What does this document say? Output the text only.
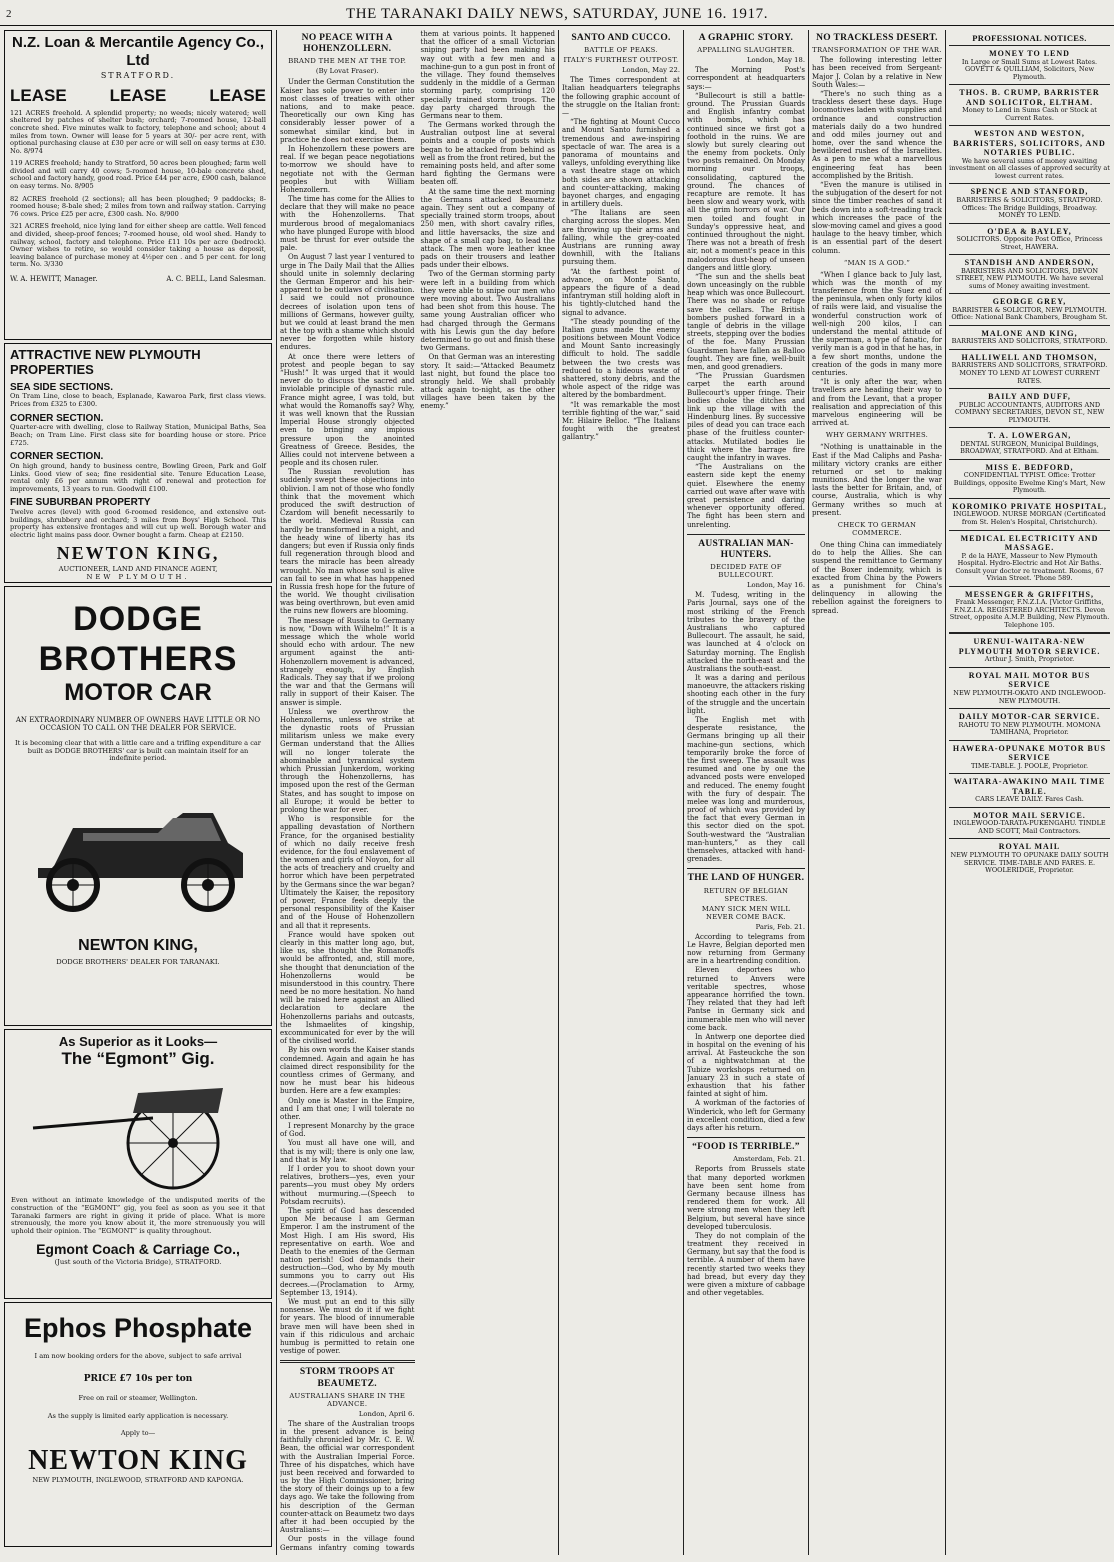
2	THE TARANAKI DAILY NEWS, SATURDAY, JUNE 16. 1917.
N.Z. Loan & Mercantile Agency Co., Ltd
STRATFORD.
LEASE	LEASE	LEASE

121 ACRES freehold. A splendid property; no weeds; nicely watered; well sheltered by patches of shelter bush; orchard; 7-roomed house, 12-ball concrete shed. Five minutes walk to factory, telephone and school; about 4 miles from town. Owner will lease for 5 years at 30/- per acre rent, with optional purchasing clause at £30 per acre or will sell on easy terms at £30. No. 8/974

119 ACRES freehold; handy to Stratford, 50 acres been ploughed; farm well divided and will carry 40 cows; 5-roomed house, 10-bale concrete shed, school and factory handy, good road. Price £44 per acre, £900 cash, balance on easy terms. No. 8/905

82 ACRES freehold (2 sections); all has been ploughed; 9 paddocks; 8-roomed house; 8-bale shed; 2 miles from town and railway station. Carrying 76 cows. Price £25 per acre, £300 cash. No. 8/900

321 ACRES freehold, nice lying land for either sheep are cattle. Well fenced and divided, sheep-proof fences; 7-roomed house, old wool shed. Handy to railway, school, factory and telephone. Price £11 10s per acre (bedrock). Owner wishes to retire, so would consider taking a house as deposit, leaving balance of purchase money at 4½per cen . and 5 per cent. for long term. No. 3/330

W. A. HEWITT, Manager.	A. C. BELL, Land Salesman.
ATTRACTIVE NEW PLYMOUTH PROPERTIES
SEA SIDE SECTIONS.

On Tram Line, close to beach, Esplanade, Kawaroa Park, first class views. Prices from £325 to £300.

CORNER SECTION.

Quarter-acre with dwelling, close to Railway Station, Municipal Baths, Sea Beach; on Tram Line. First class site for boarding house or store. Price £725.

CORNER SECTION.

On high ground, handy to business centre, Bowling Green, Park and Golf Links. Good view of sea; fine residential site. Tenure Education Lease, rental only £6 per annum with right of renewal and protection for improvements, 13 years to run. Goodwill £100.

FINE SUBURBAN PROPERTY

Twelve acres (level) with good 6-roomed residence, and extensive out-buildings, shrubbery and orchard; 3 miles from Boys' High School. This property has extensive frontages and will cut up well. Borough water and electric light mains pass door. Owner bought a farm. Cheap at £2150.

NEWTON KING,
AUCTIONEER, LAND AND FINANCE AGENT,
NEW PLYMOUTH.
DODGE BROTHERS
MOTOR CAR
AN EXTRAORDINARY NUMBER OF OWNERS HAVE LITTLE OR NO OCCASION TO CALL ON THE DEALER FOR SERVICE.

It is becoming clear that with a little care and a trifling expenditure a car built as DODGE BROTHERS' car is built can maintain itself for an indefinite period.

NEWTON KING,
DODGE BROTHERS' DEALER FOR TARANAKI.
As Superior as it Looks—
The “Egmont” Gig.

Even without an intimate knowledge of the undisputed merits of the construction of the “EGMONT” gig, you feel as soon as you see it that Taranaki farmers are right in giving it pride of place. What is more strenuously, the more you know about it, the more strenuously you will uphold their opinion. The “EGMONT” is quality throughout.

Egmont Coach & Carriage Co.,
(Just south of the Victoria Bridge), STRATFORD.
Ephos Phosphate
I am now booking orders for the above, subject to safe arrival
PRICE £7 10s per ton
Free on rail or steamer, Wellington.
As the supply is limited early application is necessary.
Apply to—
NEWTON KING
NEW PLYMOUTH, INGLEWOOD, STRATFORD AND KAPONGA.
NO PEACE WITH A HOHENZOLLERN.
BRAND THE MEN AT THE TOP.
(By Lovat Fraser).

Under the German Constitution the Kaiser has sole power to enter into most classes of treaties with other nations, and to make peace. Theoretically our own King has considerably lesser power of a somewhat similar kind, but in practice he does not exercise them.

In Hohenzollern these powers are real. If we began peace negotiations to-morrow we should have to negotiate not with the German peoples but with William Hohenzollern.

The time has come for the Allies to declare that they will make no peace with the Hohenzollerns. That murderous brood of megalomaniacs who have plunged Europe with blood must be thrust for ever outside the pale.

On August 7 last year I ventured to urge in The Daily Mail that the Allies should unite in solemnly declaring the German Emperor and his heir-apparent to be outlaws of civilisation. I said we could not pronounce decrees of isolation upon tens of millions of Germans, however guilty, but we could at least brand the men at the top with a shame which should never be forgotten while history endures.

At once there were letters of protest and people began to say “Hush!” It was urged that it would never do to discuss the sacred and inviolable principle of dynastic rule. France might agree, I was told, but what would the Romanoffs say? Why, it was well known that the Russian Imperial House strongly objected even to bringing any impious pressure upon the anointed Greatness of Greece. Besides, the Allies could not intervene between a people and its chosen ruler.

The Russian revolution has suddenly swept these objections into oblivion. I am not of those who fondly think that the movement which produced the swift destruction of Czardom will benefit necessarily to the world. Medieval Russia can hardly be transformed in a night, and the heady wine of liberty has its dangers; but even if Russia only finds full regeneration through blood and tears the miracle has been already wrought. No man whose soul is alive can fail to see in what has happened in Russia fresh hope for the future of the world. We thought civilisation was being overthrown, but even amid the ruins new flowers are blooming.

The message of Russia to Germany is now, “Down with Wilhelm!” It is a message which the whole world should echo with ardour. The new argument against the anti-Hohenzollern movement is advanced, strangely enough, by English Radicals. They say that if we prolong the war and that the Germans will rally in support of their Kaiser. The answer is simple.

Unless we overthrow the Hohenzollerns, unless we strike at the dynastic roots of Prussian militarism unless we make every German understand that the Allies will no longer tolerate the abominable and tyrannical system which Prussian Junkerdom, working through the Hohenzollerns, has imposed upon the rest of the German States, and has sought to impose on all Europe; it would be better to prolong the war for ever.

Who is responsible for the appalling devastation of Northern France, for the organised bestiality of which no daily receive fresh evidence, for the foul enslavement of the women and girls of Noyon, for all the acts of treachery and cruelty and horror which have been perpetrated by the Germans since the war began? Ultimately the Kaiser, the repository of power, France feels deeply the personal responsibility of the Kaiser and of the House of Hohenzollern and all that it represents.

France would have spoken out clearly in this matter long ago, but, like us, she thought the Romanoffs would be affronted, and, still more, she thought that denunciation of the Hohenzollerns would be misunderstood in this country. There need be no more hesitation. No hand will be raised here against an Allied declaration to declare the Hohenzollerns pariahs and outcasts, the Ishmaelites of kingship, excommunicated for ever by the will of the civilised world.

By his own words the Kaiser stands condemned. Again and again he has claimed direct responsibility for the countless crimes of Germany, and now he must bear his hideous burden. Here are a few examples:

Only one is Master in the Empire, and I am that one; I will tolerate no other.

I represent Monarchy by the grace of God.

You must all have one will, and that is my will; there is only one law, and that is My law.

If I order you to shoot down your relatives, brothers—yes, even your parents—you must obey My orders without murmuring.—(Speech to Potsdam recruits).

The spirit of God has descended upon Me because I am German Emperor. I am the instrument of the Most High. I am His sword, His representative on earth. Woe and Death to the enemies of the German nation perish! God demands their destruction—God, who by My mouth summons you to carry out His decrees.—(Proclamation to Army, September 13, 1914).

We must put an end to this silly nonsense. We must do it if we fight for years. The blood of innumerable brave men will have been shed in vain if this ridiculous and archaic humbug is permitted to retain one vestige of power.

STORM TROOPS AT BEAUMETZ.
AUSTRALIANS SHARE IN THE ADVANCE.
London, April 6.

The share of the Australian troops in the present advance is being faithfully chronicled by Mr. C. E. W. Bean, the official war correspondent with the Australian Imperial Force. Three of his dispatches, which have just been received and forwarded to us by the High Commissioner, bring the story of their doings up to a few days ago. We take the following from his description of the German counter-attack on Beaumetz two days after it had been occupied by the Australians:—

Our posts in the village found Germans infantry coming towards them at various points. It happened that the officer of a small Victorian sniping party had been making his way out with a few men and a machine-gun to a gun post in front of the village. They found themselves suddenly in the middle of a German storming party, comprising 120 specially trained storm troops. The day party charged through the Germans near to them.

The Germans worked through the Australian outpost line at several points and a couple of posts which began to be attacked from behind as well as from the front retired, but the remaining posts held, and after some hard fighting the Germans were beaten off.

At the same time the next morning the Germans attacked Beaumetz again. They sent out a company of specially trained storm troops, about 250 men, with short cavalry rifles, and little haversacks, the size and shape of a small cap bag, to lead the attack. The men wore leather knee pads on their trousers and leather pads under their elbows.

Two of the German storming party were left in a building from which they were able to snipe our men who were moving about. Two Australians had been shot from this house. The same young Australian officer who had charged through the Germans with his Lewis gun the day before determined to go out and finish these two Germans.

On that German was an interesting story. It said:—“Attacked Beaumetz last night, but found the place too strongly held. We shall probably attack again to-night, as the other villages have been taken by the enemy.”

SANTO AND CUCCO.
BATTLE OF PEAKS.
ITALY'S FURTHEST OUTPOST.
London, May 22.

The Times correspondent at Italian headquarters telegraphs the following graphic account of the struggle on the Italian front:—

“The fighting at Mount Cucco and Mount Santo furnished a tremendous and awe-inspiring spectacle of war. The area is a panorama of mountains and valleys, unfolding everything like a vast theatre stage on which both sides are shown attacking and counter-attacking, making bayonet charges, and engaging in artillery duels.

“The Italians are seen charging across the slopes. Men are throwing up their arms and falling, while the grey-coated Austrians are running away downhill, with the Italians pursuing them.

“At the farthest point of advance, on Monte Santo, appears the figure of a dead infantryman still holding aloft in his tightly-clutched hand the signal to advance.

“The steady pounding of the Italian guns made the enemy positions between Mount Vodice and Mount Santo increasingly difficult to hold. The saddle between the two crests was reduced to a hideous waste of shattered, stony debris, and the whole aspect of the ridge was altered by the bombardment.

“It was remarkable the most terrible fighting of the war,” said Mr. Hilaire Belloc. “The Italians fought with the greatest gallantry.”

A GRAPHIC STORY.
APPALLING SLAUGHTER.
London, May 18.

The Morning Post's correspondent at headquarters says:—

“Bullecourt is still a battle-ground. The Prussian Guards and English infantry combat with bombs, which has continued since we first got a foothold in the ruins. We are slowly but surely clearing out the enemy from pockets. Only two posts remained. On Monday morning our troops, consolidating, captured the ground. The chances of recapture are remote. It has been slow and weary work, with all the grim horrors of war. Our men toiled and fought in Sunday's oppressive heat, and continued throughout the night. There was not a breath of fresh air, not a moment's peace in this malodorous dust-heap of unseen dangers and little glory.

“The sun and the shells beat down unceasingly on the rubble heap which was once Bullecourt. There was no shade or refuge save the cellars. The British bombers pushed forward in a tangle of debris in the village streets, stepping over the bodies of the foe. Many Prussian Guardsmen have fallen as Balloo fought. They are fine, well-built men, and good grenadiers.

“The Prussian Guardsmen carpet the earth around Bullecourt's upper fringe. Their bodies choke the ditches and link up the village with the Hindenburg lines. By successive piles of dead you can trace each phase of the fruitless counter-attacks. Mutilated bodies lie thick where the barrage fire caught the infantry in waves.

“The Australians on the eastern side kept the enemy quiet. Elsewhere the enemy carried out wave after wave with great persistence and daring whenever opportunity offered. The fight has been stern and unrelenting.

AUSTRALIAN MAN-HUNTERS.
DECIDED FATE OF BULLECOURT.
London, May 16.

M. Tudesq, writing in the Paris Journal, says one of the most striking of the French tributes to the bravery of the Australians who captured Bullecourt. The assault, he said, was launched at 4 o'clock on Saturday morning. The English attacked the north-east and the Australians the south-east.

It was a daring and perilous manoeuvre, the attackers risking shooting each other in the fury of the struggle and the uncertain light.

The English met with desperate resistance, the Germans bringing up all their machine-gun sections, which temporarily broke the force of the first sweep. The assault was resumed and one by one the advanced posts were enveloped and reduced. The enemy fought with the fury of despair. The melee was long and murderous, proof of which was provided by the fact that every German in this sector died on the spot. South-westward the “Australian man-hunters,” as they call themselves, attacked with hand-grenades.

THE LAND OF HUNGER.
RETURN OF BELGIAN SPECTRES.
MANY SICK MEN WILL NEVER COME BACK.
Paris, Feb. 21.

According to telegrams from Le Havre, Belgian deported men now returning from Germany are in a heartrending condition.

Eleven deportees who returned to Anvers were veritable spectres, whose appearance horrified the town. They related that they had left Pantse in Germany sick and innumerable men who will never come back.

In Antwerp one deportee died in hospital on the evening of his arrival. At Fasteuckche the son of a nightwatchman at the Tubize workshops returned on January 23 in such a state of exhaustion that his father fainted at sight of him.

A workman of the factories of Winderick, who left for Germany in excellent condition, died a few days after his return.

“FOOD IS TERRIBLE.”
Amsterdam, Feb. 21.

Reports from Brussels state that many deported workmen have been sent home from Germany because illness has rendered them for work. All were strong men when they left Belgium, but several have since developed tuberculosis.

They do not complain of the treatment they received in Germany, but say that the food is terrible. A number of them have recently started two weeks they had bread, but every day they were given a mixture of cabbage and other vegetables.

NO TRACKLESS DESERT.
TRANSFORMATION OF THE WAR.

The following interesting letter has been received from Sergeant-Major J. Colan by a relative in New South Wales:—

“There's no such thing as a trackless desert these days. Huge locomotives laden with supplies and ordnance and construction materials daily do a two hundred and odd miles journey out and home, over the sand whence the bewildered rushes of the Israelites. As a pen to me what a marvellous engineering feat has been accomplished by the British.

“Even the manure is utilised in the subjugation of the desert for not since the timber reaches of sand it beds down into a soft-treading track which increases the pace of the slow-moving camel and gives a good haulage to the heavy timber, which is an essential part of the desert column.

“MAN IS A GOD.”

“When I glance back to July last, which was the month of my transference from the Suez end of the peninsula, when only forty kilos of rails were laid, and visualise the wonderful construction work of well-nigh 200 kilos, I can understand the mental attitude of the superman, a type of fanatic, for verily man is a god in that he has, in a few short months, undone the creation of the gods in many more centuries.

“It is only after the war, when travellers are heading their way to and from the Levant, that a proper realisation and appreciation of this marvelous engineering will be arrived at.

WHY GERMANY WRITHES.

“Nothing is unattainable in the East if the Mad Caliphs and Pasha-military victory cranks are either returned or set to making munitions. And the longer the war lasts the better for Britain, and, of course, Australia, which is why Germany writhes so much at present.

CHECK TO GERMAN COMMERCE.

One thing China can immediately do to help the Allies. She can suspend the remittance to Germany of the Boxer indemnity, which is exacted from China by the Powers as a punishment for China's delinquency in allowing the rebellion against the foreigners to spread.

PROFESSIONAL NOTICES.
MONEY TO LEND
In Large or Small Sums at Lowest Rates. GOVETT & QUILLIAM, Solicitors, New Plymouth.
THOS. B. CRUMP, BARRISTER AND SOLICITOR, ELTHAM.
Money to Lend in Sums Cash or Stock at Current Rates.
WESTON AND WESTON, BARRISTERS, SOLICITORS, AND NOTARIES PUBLIC.
We have several sums of money awaiting investment on all classes of approved security at lowest current rates.
SPENCE AND STANFORD,
BARRISTERS & SOLICITORS, STRATFORD. Offices: The Bridge Buildings, Broadway. MONEY TO LEND.
O'DEA & BAYLEY,
SOLICITORS. Opposite Post Office, Princess Street, HAWERA.
STANDISH AND ANDERSON,
BARRISTERS AND SOLICITORS, DEVON STREET, NEW PLYMOUTH. We have several sums of Money awaiting investment.
GEORGE GREY,
BARRISTER & SOLICITOR, NEW PLYMOUTH. Office: National Bank Chambers, Brougham St.
MALONE AND KING,
BARRISTERS AND SOLICITORS, STRATFORD.
HALLIWELL AND THOMSON,
BARRISTERS AND SOLICITORS, STRATFORD. MONEY TO LEND AT LOWEST CURRENT RATES.
BAILY AND DUFF,
PUBLIC ACCOUNTANTS, AUDITORS AND COMPANY SECRETARIES, DEVON ST., NEW PLYMOUTH.
T. A. LOWERGAN,
DENTAL SURGEON, Municipal Buildings, BROADWAY, STRATFORD. And at Eltham.
MISS E. BEDFORD,
CONFIDENTIAL TYPIST. Office: Trotter Buildings, opposite Ewelme King's Mart, New Plymouth.
KOROMIKO PRIVATE HOSPITAL,
INGLEWOOD. NURSE MORGAN (Certificated from St. Helen's Hospital, Christchurch).
MEDICAL ELECTRICITY AND MASSAGE.
P. de la HAYE, Masseur to New Plymouth Hospital. Hydro-Electric and Hot Air Baths. Consult your doctor re treatment. Rooms, 67 Vivian Street. 'Phone 589.
MESSENGER & GRIFFITHS,
Frank Messenger, F.N.Z.I.A. [Victor Griffiths, F.N.Z.I.A. REGISTERED ARCHITECTS. Devon Street, opposite A.M.P. Building, New Plymouth. Telephone 105.
URENUI-WAITARA-NEW PLYMOUTH MOTOR SERVICE.
Arthur J. Smith, Proprietor.
ROYAL MAIL MOTOR BUS SERVICE
NEW PLYMOUTH-OKATO AND INGLEWOOD-NEW PLYMOUTH.
DAILY MOTOR-CAR SERVICE.
RAHOTU TO NEW PLYMOUTH. MOMONA TAMIHANA, Proprietor.
HAWERA-OPUNAKE MOTOR BUS SERVICE
TIME-TABLE. J. POOLE, Proprietor.
WAITARA-AWAKINO MAIL TIME TABLE.
CARS LEAVE DAILY. Fares Cash.
MOTOR MAIL SERVICE.
INGLEWOOD-TARATA-PUKENGAHU. TINDLE AND SCOTT, Mail Contractors.
ROYAL MAIL
NEW PLYMOUTH TO OPUNAKE DAILY SOUTH SERVICE. TIME-TABLE AND FARES. E. WOOLERIDGE, Proprietor.
